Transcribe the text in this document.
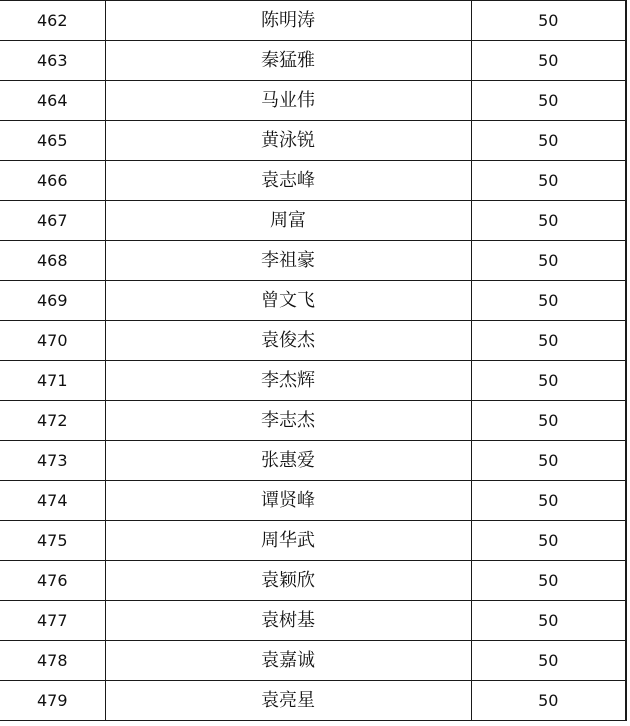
462	陈明涛	50
463	秦猛雅	50
464	马业伟	50
465	黄泳锐	50
466	袁志峰	50
467	周富	50
468	李祖豪	50
469	曾文飞	50
470	袁俊杰	50
471	李杰辉	50
472	李志杰	50
473	张惠爱	50
474	谭贤峰	50
475	周华武	50
476	袁颖欣	50
477	袁树基	50
478	袁嘉诚	50
479	袁亮星	50
